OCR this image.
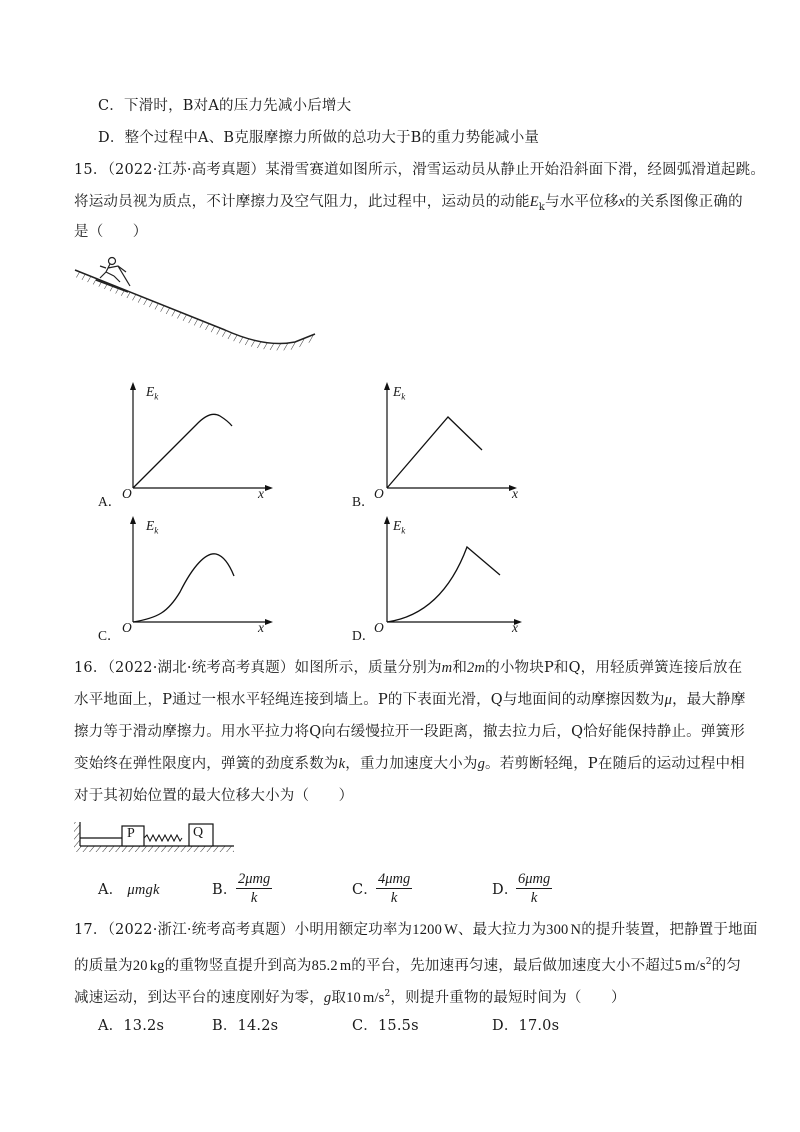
C．下滑时，B对A的压力先减小后增大
D．整个过程中A、B克服摩擦力所做的总功大于B的重力势能减小量
15．（2022·江苏·高考真题）某滑雪赛道如图所示，滑雪运动员从静止开始沿斜面下滑，经圆弧滑道起跳。
将运动员视为质点，不计摩擦力及空气阻力，此过程中，运动员的动能$E_k$与水平位移x的关系图像正确的
是（　　）
A．
$E_k$
O	x
B．
$E_k$
O	x
C．
$E_k$
O	x
D．
$E_k$
O	x
16．（2022·湖北·统考高考真题）如图所示，质量分别为m和2m的小物块P和Q，用轻质弹簧连接后放在
水平地面上，P通过一根水平轻绳连接到墙上。P的下表面光滑，Q与地面间的动摩擦因数为μ，最大静摩
擦力等于滑动摩擦力。用水平拉力将Q向右缓慢拉开一段距离，撤去拉力后，Q恰好能保持静止。弹簧形
变始终在弹性限度内，弹簧的劲度系数为k，重力加速度大小为g。若剪断轻绳，P在随后的运动过程中相
对于其初始位置的最大位移大小为（　　）
P	Q
A． μmgk	B．
2μmg
k	C．
4μmg
k	D．
6μmg
k
17．（2022·浙江·统考高考真题）小明用额定功率为1200 W、最大拉力为300 N的提升装置，把静置于地面
的质量为20 kg的重物竖直提升到高为85.2 m的平台，先加速再匀速，最后做加速度大小不超过5 $m/s^2$的匀
减速运动，到达平台的速度刚好为零，g取10 $m/s^2$，则提升重物的最短时间为（　　）
A．13.2s	B．14.2s	C．15.5s	D．17.0s
